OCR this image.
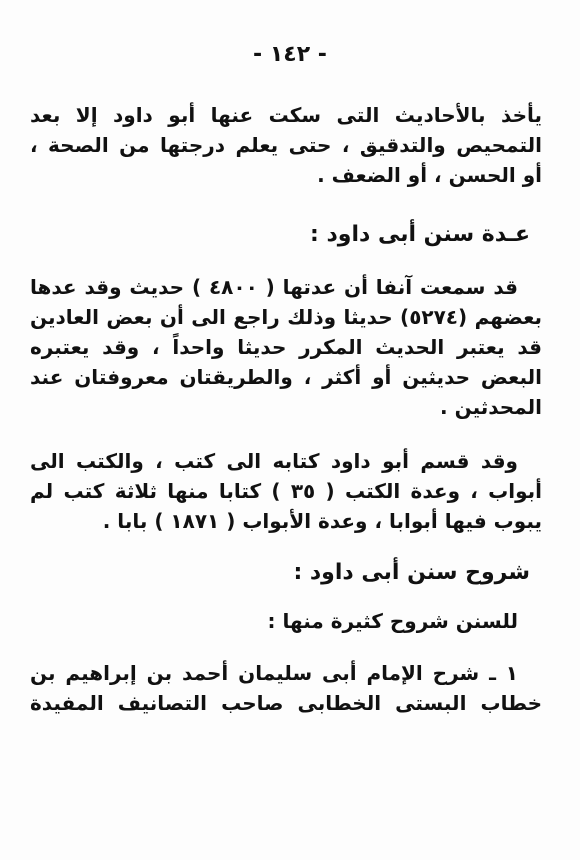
- ١٤٢ -
يأخذ بالأحاديث التى سكت عنها أبو داود إلا بعد
التمحيص والتدقيق ، حتى يعلم درجتها من الصحة ،
أو الحسن ، أو الضعف .
عـدة سنن أبى داود :
قد سمعت آنفا أن عدتها ( ٤٨٠٠ ) حديث وقد عدها
بعضهم (٥٢٧٤) حديثا وذلك راجع الى أن بعض العادين
قد يعتبر الحديث المكرر حديثا واحداً ، وقد يعتبره
البعض حديثين أو أكثر ، والطريقتان معروفتان عند
المحدثين .
وقد قسم أبو داود كتابه الى كتب ، والكتب الى
أبواب ، وعدة الكتب ( ٣٥ ) كتابا منها ثلاثة كتب لم
يبوب فيها أبوابا ، وعدة الأبواب ( ١٨٧١ ) بابا .
شروح سنن أبى داود :
للسنن شروح كثيرة منها :
١ ـ شرح الإمام أبى سليمان أحمد بن إبراهيم بن
خطاب البستى الخطابى صاحب التصانيف المفيدة
